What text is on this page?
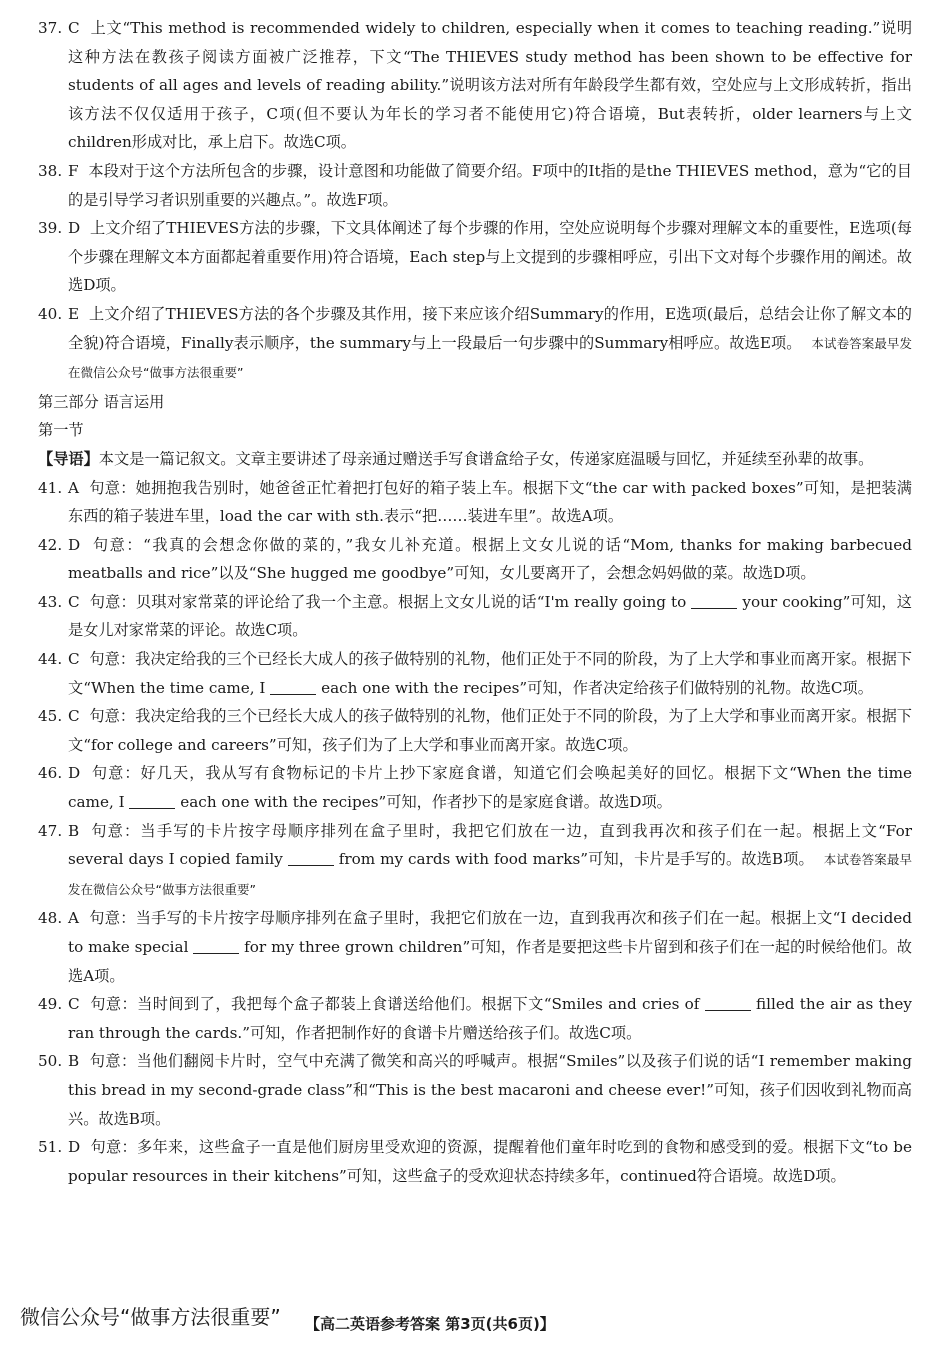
37. C 上文“This method is recommended widely to children, especially when it comes to teaching reading.”说明这种方法在教孩子阅读方面被广泛推荐，下文“The THIEVES study method has been shown to be effective for students of all ages and levels of reading ability.”说明该方法对所有年龄段学生都有效，空处应与上文形成转折，指出该方法不仅仅适用于孩子，C项(但不要认为年长的学习者不能使用它)符合语境，But表转折，older learners与上文children形成对比，承上启下。故选C项。
38. F 本段对于这个方法所包含的步骤，设计意图和功能做了简要介绍。F项中的It指的是the THIEVES method，意为“它的目的是引导学习者识别重要的兴趣点。”。故选F项。
39. D 上文介绍了THIEVES方法的步骤，下文具体阐述了每个步骤的作用，空处应说明每个步骤对理解文本的重要性，E选项(每个步骤在理解文本方面都起着重要作用)符合语境，Each step与上文提到的步骤相呼应，引出下文对每个步骤作用的阐述。故选D项。
40. E 上文介绍了THIEVES方法的各个步骤及其作用，接下来应该介绍Summary的作用，E选项(最后，总结会让你了解文本的全貌)符合语境，Finally表示顺序，the summary与上一段最后一句步骤中的Summary相呼应。故选E项。 本试卷答案最早发在微信公众号“做事方法很重要”

第三部分 语言运用

第一节

【导语】本文是一篇记叙文。文章主要讲述了母亲通过赠送手写食谱盒给子女，传递家庭温暖与回忆，并延续至孙辈的故事。

41. A 句意：她拥抱我告别时，她爸爸正忙着把打包好的箱子装上车。根据下文“the car with packed boxes”可知，是把装满东西的箱子装进车里，load the car with sth.表示“把……装进车里”。故选A项。
42. D 句意：“我真的会想念你做的菜的，”我女儿补充道。根据上文女儿说的话“Mom, thanks for making barbecued meatballs and rice”以及“She hugged me goodbye”可知，女儿要离开了，会想念妈妈做的菜。故选D项。
43. C 句意：贝琪对家常菜的评论给了我一个主意。根据上文女儿说的话“I'm really going to	your cooking”可知，这是女儿对家常菜的评论。故选C项。
44. C 句意：我决定给我的三个已经长大成人的孩子做特别的礼物，他们正处于不同的阶段，为了上大学和事业而离开家。根据下文“When the time came, I	each one with the recipes”可知，作者决定给孩子们做特别的礼物。故选C项。
45. C 句意：我决定给我的三个已经长大成人的孩子做特别的礼物，他们正处于不同的阶段，为了上大学和事业而离开家。根据下文“for college and careers”可知，孩子们为了上大学和事业而离开家。故选C项。
46. D 句意：好几天，我从写有食物标记的卡片上抄下家庭食谱，知道它们会唤起美好的回忆。根据下文“When the time came, I	each one with the recipes”可知，作者抄下的是家庭食谱。故选D项。
47. B 句意：当手写的卡片按字母顺序排列在盒子里时，我把它们放在一边，直到我再次和孩子们在一起。根据上文“For several days I copied family	from my cards with food marks”可知，卡片是手写的。故选B项。 本试卷答案最早发在微信公众号“做事方法很重要”
48. A 句意：当手写的卡片按字母顺序排列在盒子里时，我把它们放在一边，直到我再次和孩子们在一起。根据上文“I decided to make special	for my three grown children”可知，作者是要把这些卡片留到和孩子们在一起的时候给他们。故选A项。
49. C 句意：当时间到了，我把每个盒子都装上食谱送给他们。根据下文“Smiles and cries of	filled the air as they ran through the cards.”可知，作者把制作好的食谱卡片赠送给孩子们。故选C项。
50. B 句意：当他们翻阅卡片时，空气中充满了微笑和高兴的呼喊声。根据“Smiles”以及孩子们说的话“I remember making this bread in my second-grade class”和“This is the best macaroni and cheese ever!”可知，孩子们因收到礼物而高兴。故选B项。
51. D 句意：多年来，这些盒子一直是他们厨房里受欢迎的资源，提醒着他们童年时吃到的食物和感受到的爱。根据下文“to be popular resources in their kitchens”可知，这些盒子的受欢迎状态持续多年，continued符合语境。故选D项。
微信公众号“做事方法很重要” 【高二英语参考答案 第3页(共6页)】
